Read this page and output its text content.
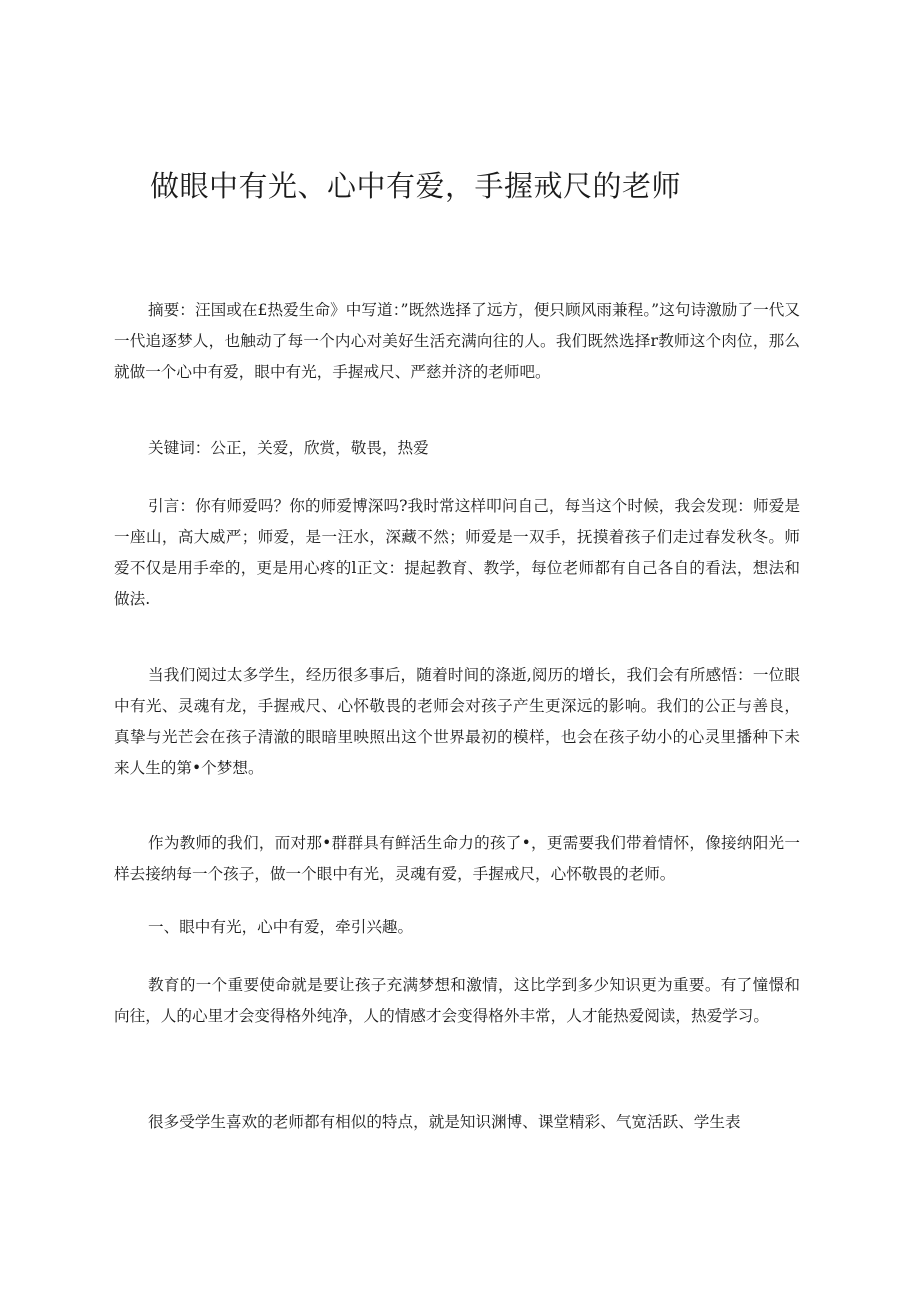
做眼中有光、心中有爱，手握戒尺的老师

摘要：汪国或在£热爱生命》中写道：”既然选择了远方，便只顾风雨兼程。”这句诗激励了一代又一代追逐梦人，也触动了每一个内心对美好生活充满向往的人。我们既然选择r教师这个肉位，那么就做一个心中有爱，眼中有光，手握戒尺、严慈并济的老师吧。

关键词：公正，关爱，欣赏，敬畏，热爱

引言：你有师爱吗？你的师爱博深吗?我时常这样叩问自己，每当这个时候，我会发现：师爱是一座山，高大威严；师爱，是一汪水，深藏不然；师爱是一双手，抚摸着孩子们走过春发秋冬。师爱不仅是用手牵的，更是用心疼的l正文：提起教育、教学，每位老师都有自己各自的看法，想法和做法.

当我们阅过太多学生，经历很多事后，随着时间的涤逝,阅历的增长，我们会有所感悟：一位眼中有光、灵魂有龙，手握戒尺、心怀敬畏的老师会对孩子产生更深远的影响。我们的公正与善良，真挚与光芒会在孩子清澈的眼暗里映照出这个世界最初的模样，也会在孩子幼小的心灵里播种下未来人生的第•个梦想。

作为教师的我们，而对那•群群具有鲜活生命力的孩了•，更需要我们带着情怀，像接纳阳光一样去接纳每一个孩子，做一个眼中有光，灵魂有爱，手握戒尺，心怀敬畏的老师。

一、眼中有光，心中有爱，牵引兴趣。

教育的一个重要使命就是要让孩子充满梦想和激情，这比学到多少知识更为重要。有了憧憬和向往，人的心里才会变得格外纯净，人的情感才会变得格外丰常，人才能热爱阅读，热爱学习。

很多受学生喜欢的老师都有相似的特点，就是知识渊博、课堂精彩、气宽活跃、学生表
